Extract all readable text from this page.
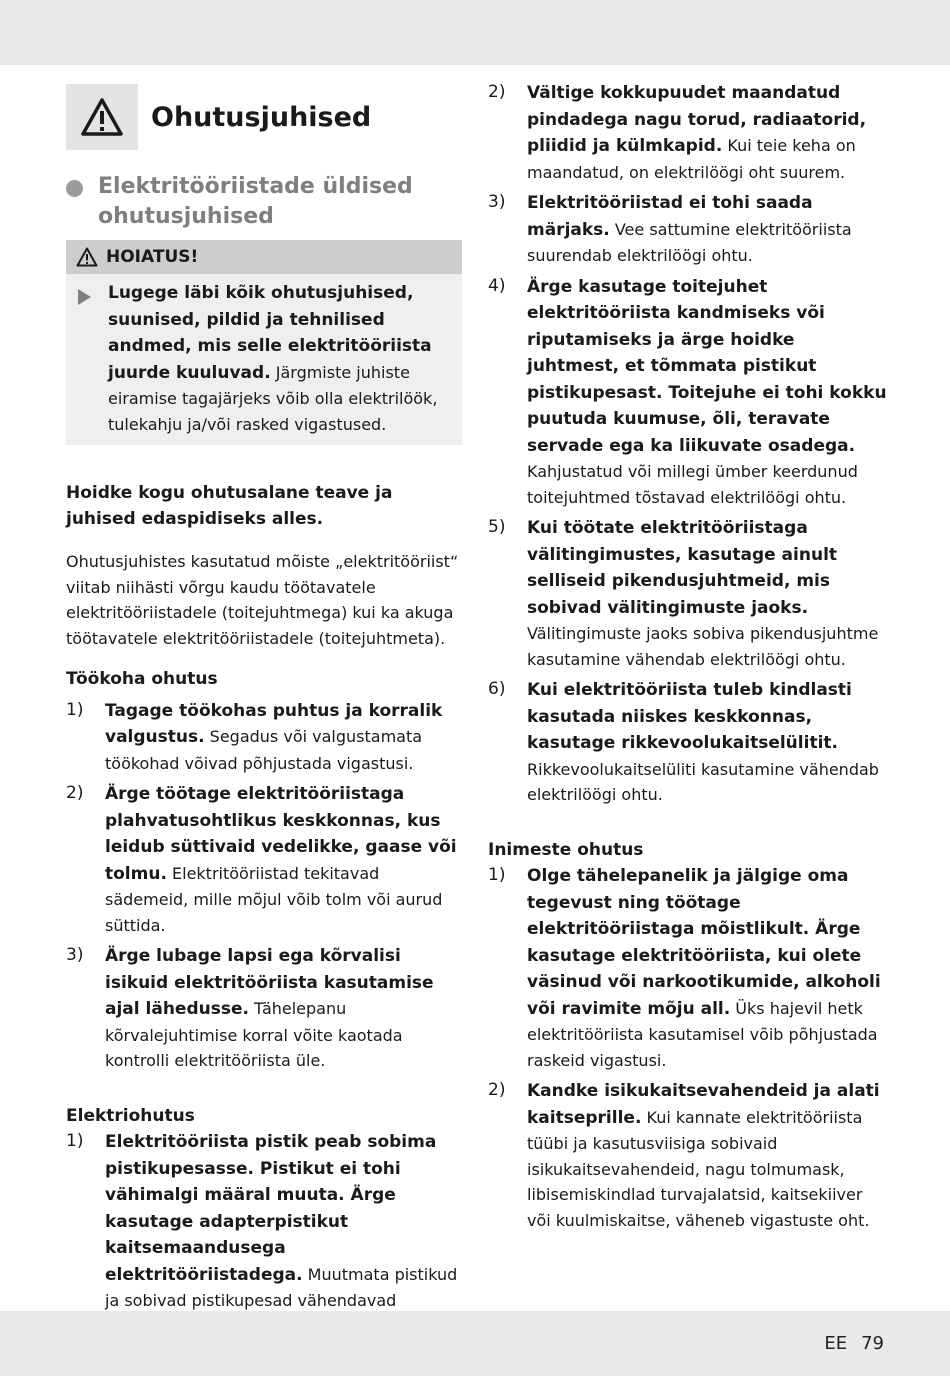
Ohutusjuhised
Elektritööriistade üldised ohutusjuhised
HOIATUS!
Lugege läbi kõik ohutusjuhised, suunised, pildid ja tehnilised andmed, mis selle elektritööriista juurde kuuluvad. Järgmiste juhiste eiramise tagajärjeks võib olla elektrilöök, tulekahju ja/või rasked vigastused.

Hoidke kogu ohutusalane teave ja juhised edaspidiseks alles.

Ohutusjuhistes kasutatud mõiste „elektritööriist“ viitab niihästi võrgu kaudu töötavatele elektritööriistadele (toitejuhtmega) kui ka akuga töötavatele elektritööriistadele (toitejuhtmeta).

Töökoha ohutus

1)	Tagage töökohas puhtus ja korralik valgustus. Segadus või valgustamata töökohad võivad põhjustada vigastusi.
2)	Ärge töötage elektritööriistaga plahvatusohtlikus keskkonnas, kus leidub süttivaid vedelikke, gaase või tolmu. Elektritööriistad tekitavad sädemeid, mille mõjul võib tolm või aurud süttida.
3)	Ärge lubage lapsi ega kõrvalisi isikuid elektritööriista kasutamise ajal lähedusse. Tähelepanu kõrvalejuhtimise korral võite kaotada kontrolli elektritööriista üle.

Elektriohutus

1)	Elektritööriista pistik peab sobima pistikupesasse. Pistikut ei tohi vähimalgi määral muuta. Ärge kasutage adapterpistikut kaitsemaandusega elektritööriistadega. Muutmata pistikud ja sobivad pistikupesad vähendavad
2)	Vältige kokkupuudet maandatud pindadega nagu torud, radiaatorid, pliidid ja külmkapid. Kui teie keha on maandatud, on elektrilöögi oht suurem.
3)	Elektritööriistad ei tohi saada märjaks. Vee sattumine elektritööriista suurendab elektrilöögi ohtu.
4)	Ärge kasutage toitejuhet elektritööriista kandmiseks või riputamiseks ja ärge hoidke juhtmest, et tõmmata pistikut pistikupesast. Toitejuhe ei tohi kokku puutuda kuumuse, õli, teravate servade ega ka liikuvate osadega. Kahjustatud või millegi ümber keerdunud toitejuhtmed tõstavad elektrilöögi ohtu.
5)	Kui töötate elektritööriistaga välitingimustes, kasutage ainult selliseid pikendusjuhtmeid, mis sobivad välitingimuste jaoks. Välitingimuste jaoks sobiva pikendusjuhtme kasutamine vähendab elektrilöögi ohtu.
6)	Kui elektritööriista tuleb kindlasti kasutada niiskes keskkonnas, kasutage rikkevoolukaitselülitit. Rikkevoolukaitselüliti kasutamine vähendab elektrilöögi ohtu.

Inimeste ohutus

1)	Olge tähelepanelik ja jälgige oma tegevust ning töötage elektritööriistaga mõistlikult. Ärge kasutage elektritööriista, kui olete väsinud või narkootikumide, alkoholi või ravimite mõju all. Üks hajevil hetk elektritööriista kasutamisel võib põhjustada raskeid vigastusi.
2)	Kandke isikukaitsevahendeid ja alati kaitseprille. Kui kannate elektritööriista tüübi ja kasutusviisiga sobivaid isikukaitsevahendeid, nagu tolmumask, libisemiskindlad turvajalatsid, kaitsekiiver või kuulmiskaitse, väheneb vigastuste oht.
EE 79
